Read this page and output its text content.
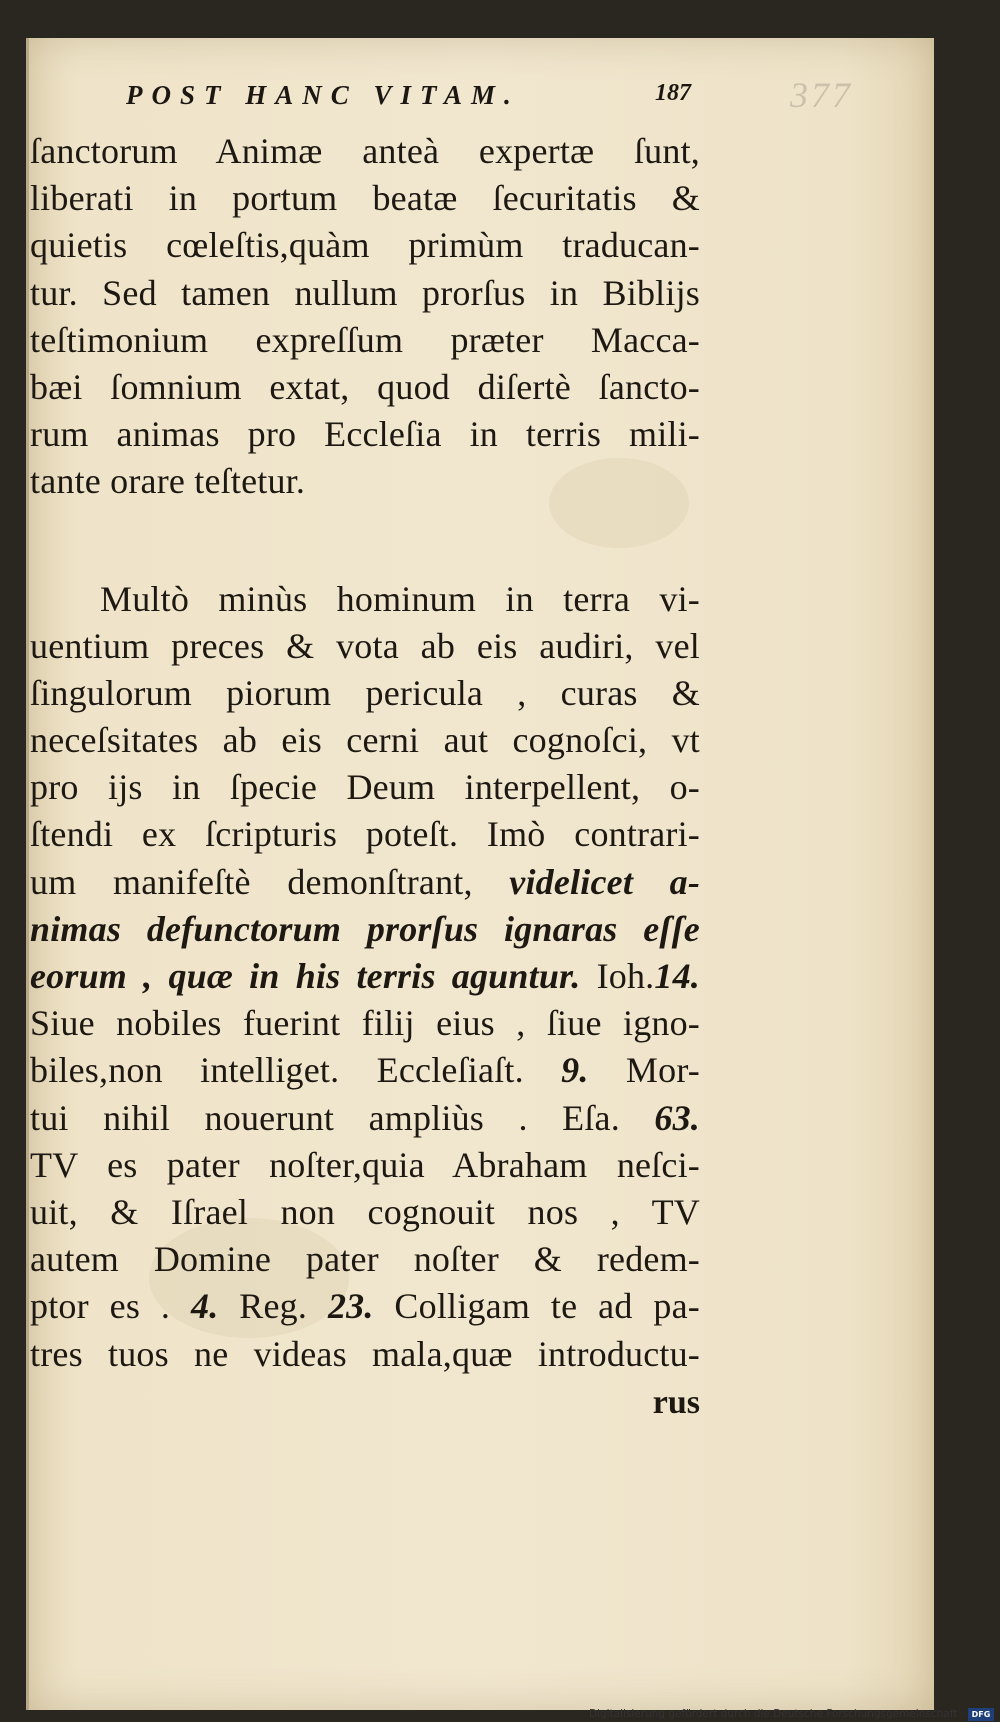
POST HANC VITAM.	187	377
ſanctorum Animæ anteà expertæ ſunt,
liberati in portum beatæ ſecuritatis &
quietis cœleſtis,quàm primùm traducan-
tur. Sed tamen nullum prorſus in Biblijs
teſtimonium expreſſum præter Macca-
bæi ſomnium extat, quod diſertè ſancto-
rum animas pro Eccleſia in terris mili-
tante orare teſtetur.
Multò minùs hominum in terra vi-
uentium preces & vota ab eis audiri, vel
ſingulorum piorum pericula , curas &
neceſsitates ab eis cerni aut cognoſci, vt
pro ijs in ſpecie Deum interpellent, o-
ſtendi ex ſcripturis poteſt. Imò contrari-
um manifeſtè demonſtrant, videlicet a-
nimas defunctorum prorſus ignaras eſſe
eorum , quæ in his terris aguntur. Ioh.14.
Siue nobiles fuerint filij eius , ſiue igno-
biles,non intelliget. Eccleſiaſt. 9. Mor-
tui nihil nouerunt ampliùs . Eſa. 63.
TV es pater noſter,quia Abraham neſci-
uit, & Iſrael non cognouit nos , TV
autem Domine pater noſter & redem-
ptor es . 4. Reg. 23. Colligam te ad pa-
tres tuos ne videas mala,quæ introductu-
rus
Digitalisierung gefördert durch die Deutsche Forschungsgemeinschaft · DFG
